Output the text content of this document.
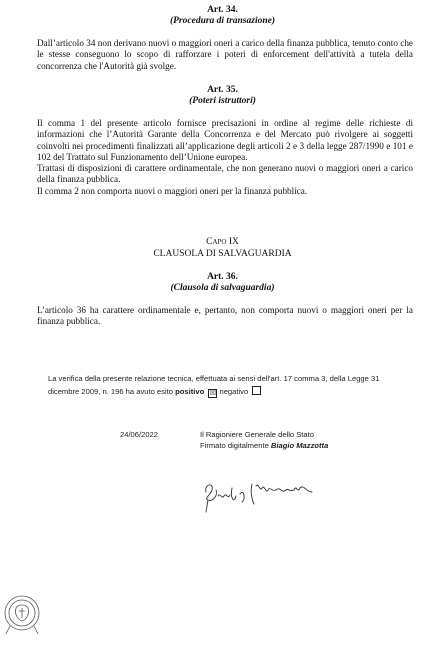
Art. 34.
(Procedura di transazione)
Dall’articolo 34 non derivano nuovi o maggiori oneri a carico della finanza pubblica, tenuto conto che le stesse conseguono lo scopo di rafforzare i poteri di enforcement dell'attività a tutela della concorrenza che l'Autorità già svolge.
Art. 35.
(Poteri istruttori)
Il comma 1 del presente articolo fornisce precisazioni in ordine al regime delle richieste di informazioni che l’Autorità Garante della Concorrenza e del Mercato può rivolgere ai soggetti coinvolti nei procedimenti finalizzati all’applicazione degli articoli 2 e 3 della legge 287/1990 e 101 e 102 del Trattato sul Funzionamento dell’Unione europea.
Trattasi di disposizioni di carattere ordinamentale, che non generano nuovi o maggiori oneri a carico della finanza pubblica.
Il comma 2 non comporta nuovi o maggiori oneri per la finanza pubblica.
Capo IX
CLAUSOLA DI SALVAGUARDIA
Art. 36.
(Clausola di salvaguardia)
L’articolo 36 ha carattere ordinamentale e, pertanto, non comporta nuovi o maggiori oneri per la finanza pubblica.
La verifica della presente relazione tecnica, effettuata ai sensi dell'art. 17 comma 3, della Legge 31
dicembre 2009, n. 196 ha avuto esito positivo ☒ negativo
24/06/2022	Il Ragioniere Generale dello Stato
Firmato digitalmente Biagio Mazzotta
